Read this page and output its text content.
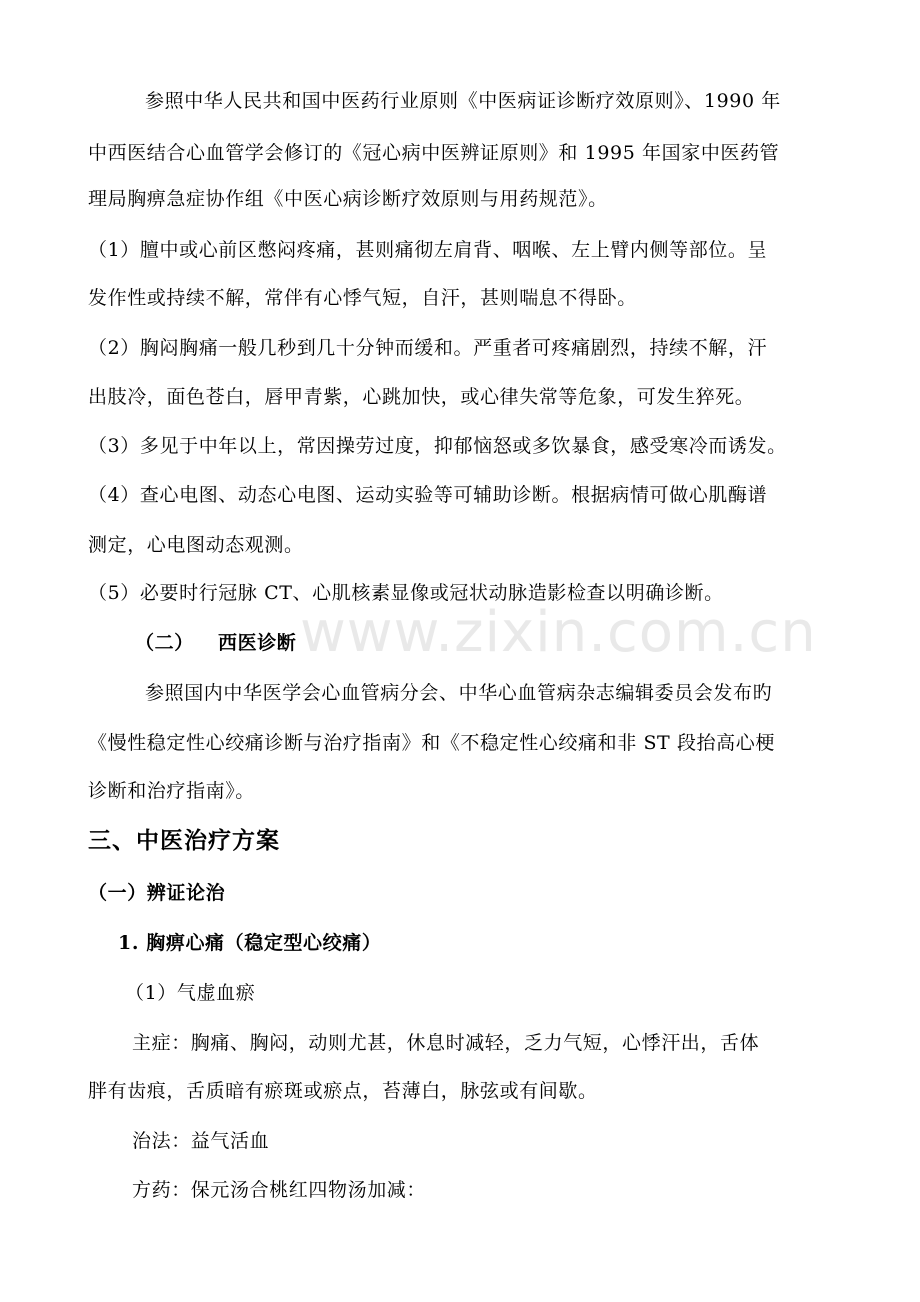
www.zixin.com.cn
参照中华人民共和国中医药行业原则《中医病证诊断疗效原则》、1990 年
中西医结合心血管学会修订的《冠心病中医辨证原则》和 1995 年国家中医药管
理局胸痹急症协作组《中医心病诊断疗效原则与用药规范》。
（1）膻中或心前区憋闷疼痛，甚则痛彻左肩背、咽喉、左上臂内侧等部位。呈
发作性或持续不解，常伴有心悸气短，自汗，甚则喘息不得卧。
（2）胸闷胸痛一般几秒到几十分钟而缓和。严重者可疼痛剧烈，持续不解，汗
出肢冷，面色苍白，唇甲青紫，心跳加快，或心律失常等危象，可发生猝死。
（3）多见于中年以上，常因操劳过度，抑郁恼怒或多饮暴食，感受寒冷而诱发。
（4）查心电图、动态心电图、运动实验等可辅助诊断。根据病情可做心肌酶谱
测定，心电图动态观测。
（5）必要时行冠脉 CT、心肌核素显像或冠状动脉造影检查以明确诊断。
（二） 西医诊断
参照国内中华医学会心血管病分会、中华心血管病杂志编辑委员会发布旳
《慢性稳定性心绞痛诊断与治疗指南》和《不稳定性心绞痛和非 ST 段抬高心梗
诊断和治疗指南》。
三、中医治疗方案
（一）辨证论治
1. 胸痹心痛（稳定型心绞痛）
（1）气虚血瘀
主症：胸痛、胸闷，动则尤甚，休息时减轻，乏力气短，心悸汗出，舌体
胖有齿痕，舌质暗有瘀斑或瘀点，苔薄白，脉弦或有间歇。
治法：益气活血
方药：保元汤合桃红四物汤加减：
